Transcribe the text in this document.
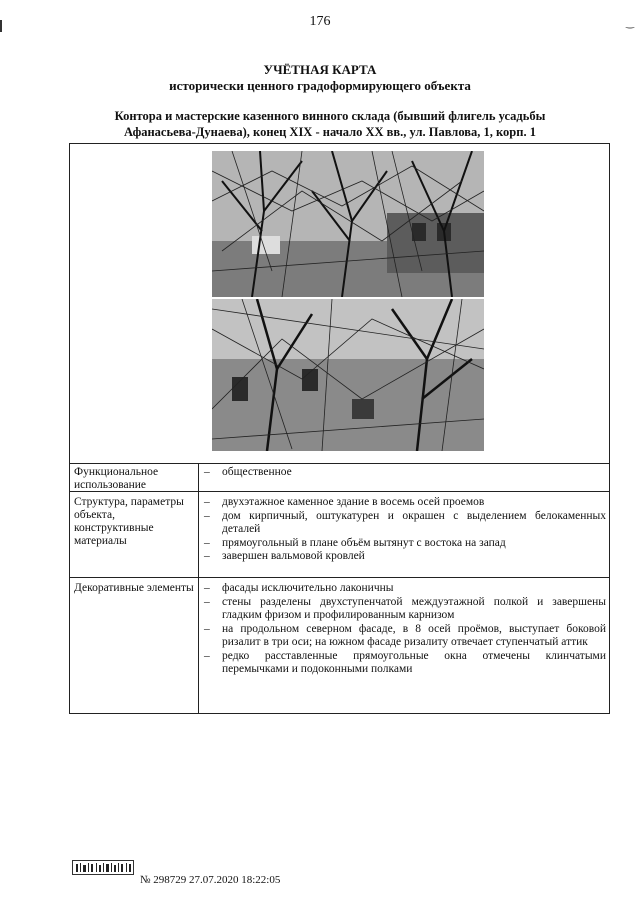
‿
176
УЧЁТНАЯ КАРТА
исторически ценного градоформирующего объекта
Контора и мастерские казенного винного склада (бывший флигель усадьбы
Афанасьева-Дунаева), конец XIX - начало XX вв., ул. Павлова, 1, корп. 1
Функциональное использование
–	общественное
Структура, параметры объекта, конструктивные материалы
–	двухэтажное каменное здание в восемь осей проемов
–	дом кирпичный, оштукатурен и окрашен с выделением белокаменных деталей
–	прямоугольный в плане объём вытянут с востока на запад
–	завершен вальмовой кровлей
Декоративные элементы –	фасады исключительно лаконичны
–	стены разделены двухступенчатой междуэтажной полкой и завершены гладким фризом и профилированным карнизом
–	на продольном северном фасаде, в 8 осей проёмов, выступает боковой ризалит в три оси; на южном фасаде ризалиту отвечает ступенчатый аттик
–	редко расставленные прямоугольные окна отмечены клинчатыми перемычками и подоконными полками
№ 298729 27.07.2020 18:22:05
